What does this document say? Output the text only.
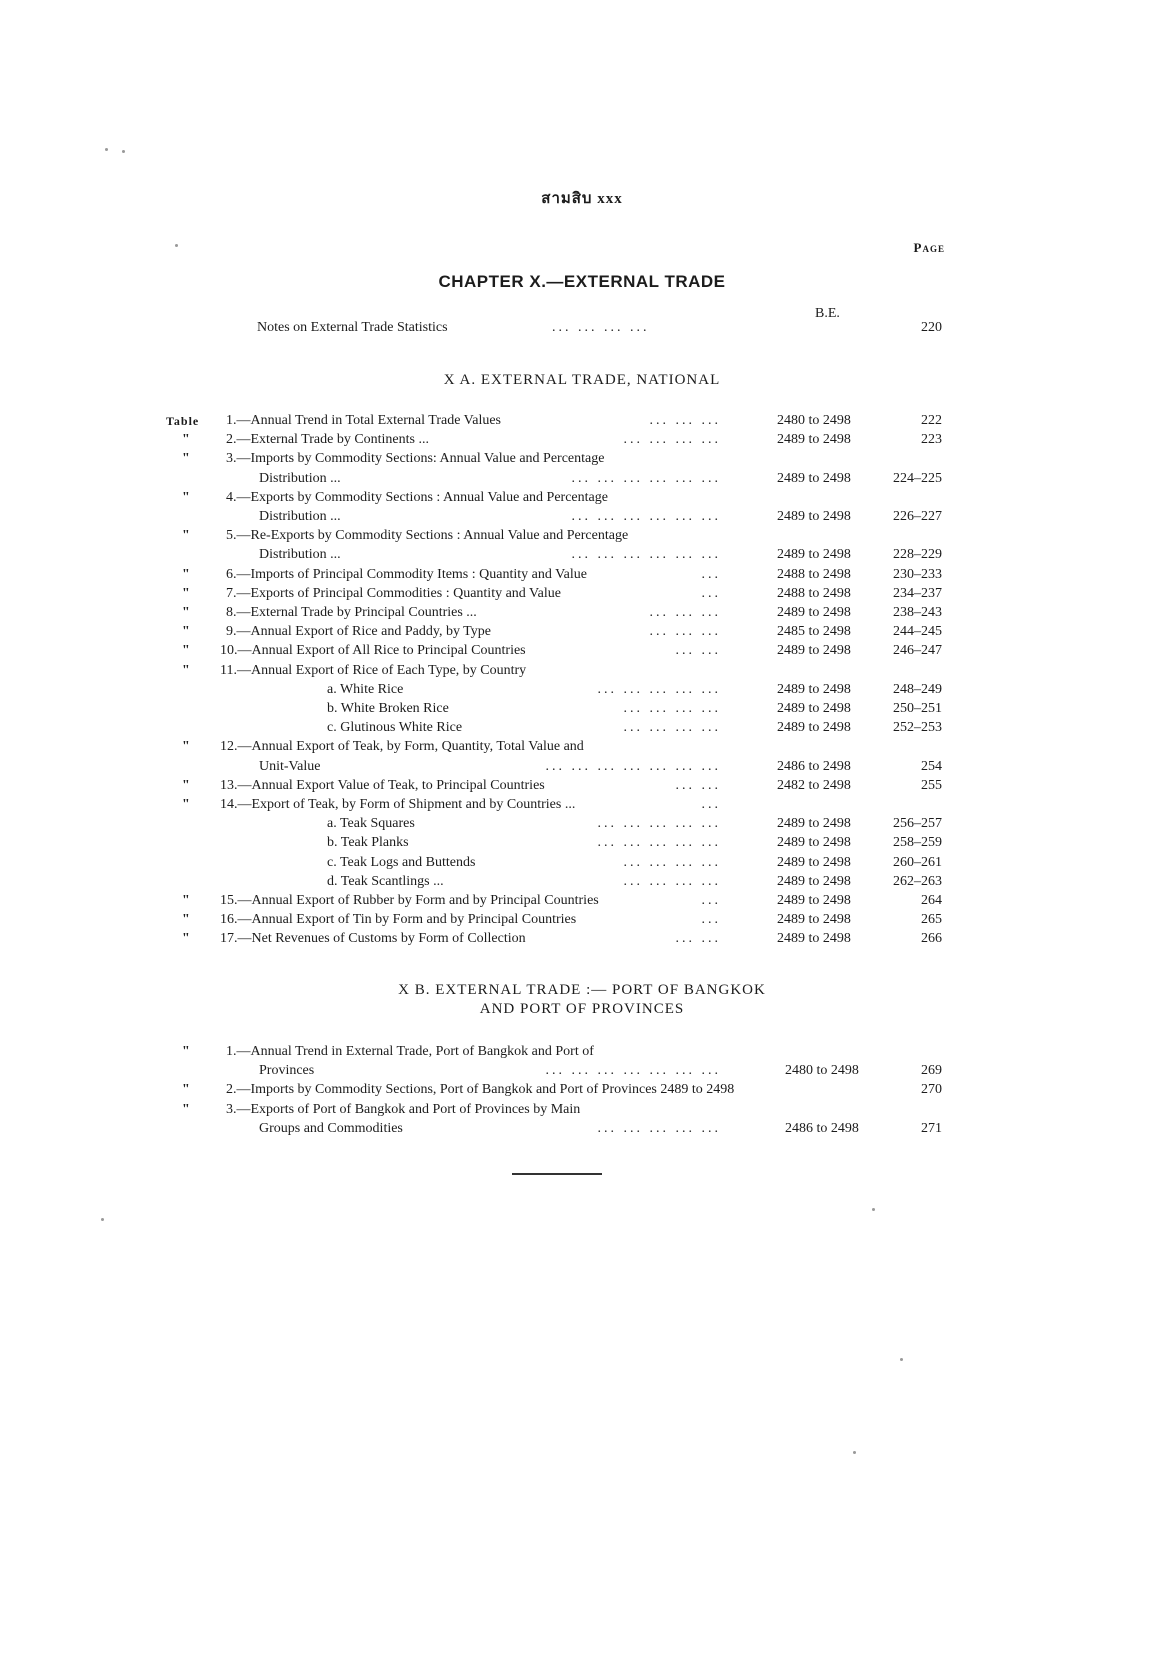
สามสิบ xxx
Page
CHAPTER X.—EXTERNAL TRADE
B.E.
Notes on External Trade Statistics	... ... ... ...	220
X A. EXTERNAL TRADE, NATIONAL
Table 1.—Annual Trend in Total External Trade Values	... ... ...	2480 to 2498	222
"	2.—External Trade by Continents ...	... ... ... ...	2489 to 2498	223
"	3.—Imports by Commodity Sections: Annual Value and Percentage
Distribution ...	... ... ... ... ... ...	2489 to 2498	224–225
"	4.—Exports by Commodity Sections : Annual Value and Percentage
Distribution ...	... ... ... ... ... ...	2489 to 2498	226–227
"	5.—Re-Exports by Commodity Sections : Annual Value and Percentage
Distribution ...	... ... ... ... ... ...	2489 to 2498	228–229
"	6.—Imports of Principal Commodity Items : Quantity and Value	...	2488 to 2498	230–233
"	7.—Exports of Principal Commodities : Quantity and Value	...	2488 to 2498	234–237
"	8.—External Trade by Principal Countries ...	... ... ...	2489 to 2498	238–243
"	9.—Annual Export of Rice and Paddy, by Type	... ... ...	2485 to 2498	244–245
" 10.—Annual Export of All Rice to Principal Countries	... ...	2489 to 2498	246–247
" 11.—Annual Export of Rice of Each Type, by Country
a. White Rice	... ... ... ... ...	2489 to 2498	248–249
b. White Broken Rice	... ... ... ...	2489 to 2498	250–251
c. Glutinous White Rice	... ... ... ...	2489 to 2498	252–253
" 12.—Annual Export of Teak, by Form, Quantity, Total Value and
Unit-Value	... ... ... ... ... ... ...	2486 to 2498	254
" 13.—Annual Export Value of Teak, to Principal Countries	... ...	2482 to 2498	255
" 14.—Export of Teak, by Form of Shipment and by Countries ...	...
a. Teak Squares	... ... ... ... ...	2489 to 2498	256–257
b. Teak Planks	... ... ... ... ...	2489 to 2498	258–259
c. Teak Logs and Buttends	... ... ... ...	2489 to 2498	260–261
d. Teak Scantlings ...	... ... ... ...	2489 to 2498	262–263
" 15.—Annual Export of Rubber by Form and by Principal Countries	...	2489 to 2498	264
" 16.—Annual Export of Tin by Form and by Principal Countries	...	2489 to 2498	265
" 17.—Net Revenues of Customs by Form of Collection	... ...	2489 to 2498	266
X B. EXTERNAL TRADE :— PORT OF BANGKOK
AND PORT OF PROVINCES
"	1.—Annual Trend in External Trade, Port of Bangkok and Port of
Provinces	... ... ... ... ... ... ...	2480 to 2498	269
"	2.—Imports by Commodity Sections, Port of Bangkok and Port of Provinces 2489 to 2498	270
"	3.—Exports of Port of Bangkok and Port of Provinces by Main
Groups and Commodities	... ... ... ... ...	2486 to 2498	271
